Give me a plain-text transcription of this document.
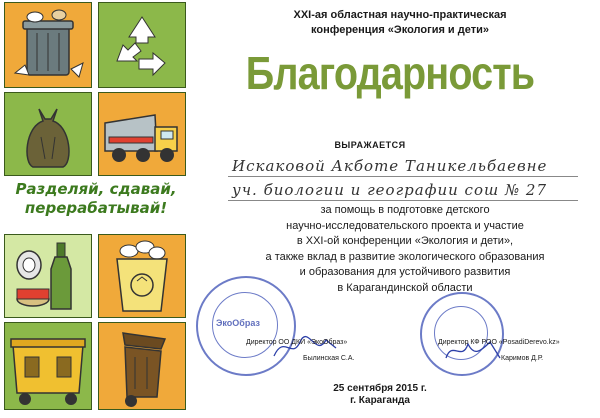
Разделяй, сдавай,
перерабатывай!
XXI-ая областная научно-практическая
конференция «Экология и дети»
Благодарность
ВЫРАЖАЕТСЯ
Искаковой Акботе Таникельбаевне
уч. биологии и географии сош № 27
за помощь в подготовке детского
научно-исследовательского проекта и участие
в XXI-ой конференции «Экология и дети»,
а также вклад в развитие экологического образования
и образования для устойчивого развития
в Карагандинской области
ЭкоОбраз
Директор ОО ДКИ «ЭкоОбраз»
Былинская С.А.
Директор КФ РОО «PosadiDerevo.kz»
Каримов Д.Р.
25 сентября 2015 г.
г. Караганда
